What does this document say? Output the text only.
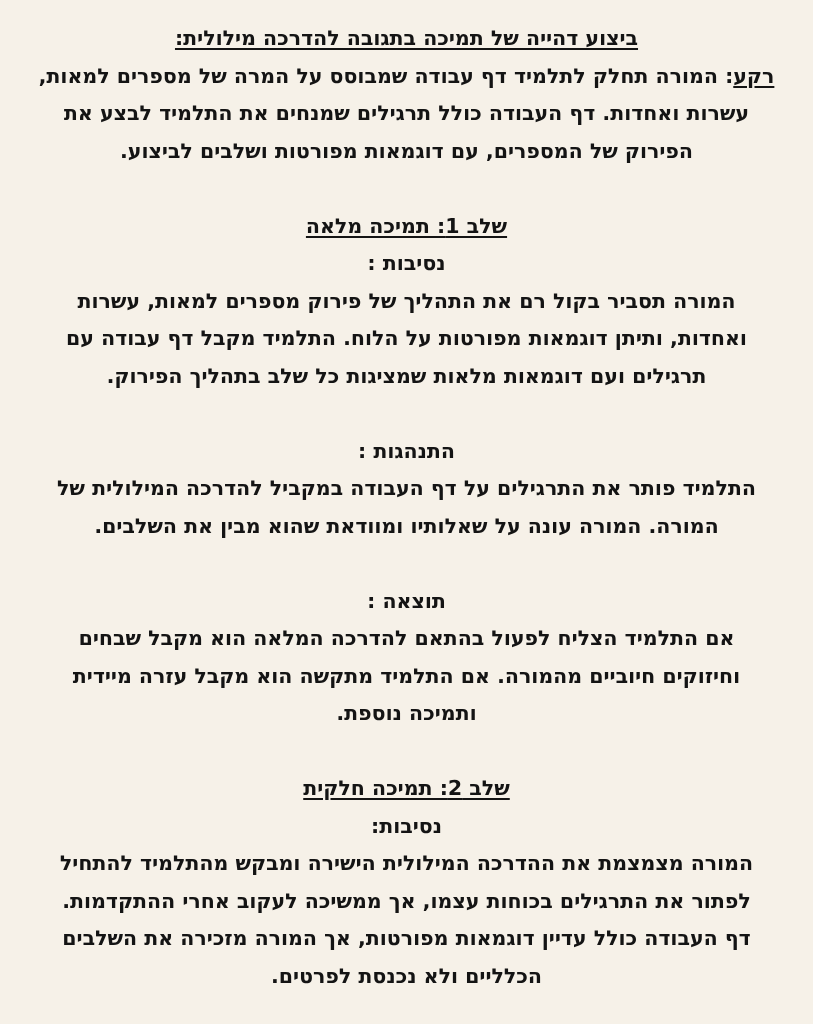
ביצוע דהייה של תמיכה בתגובה להדרכה מילולית:
רקע: המורה תחלק לתלמיד דף עבודה שמבוסס על המרה של מספרים למאות,
עשרות ואחדות. דף העבודה כולל תרגילים שמנחים את התלמיד לבצע את
הפירוק של המספרים, עם דוגמאות מפורטות ושלבים לביצוע.
שלב 1: תמיכה מלאה
נסיבות :
המורה תסביר בקול רם את התהליך של פירוק מספרים למאות, עשרות
ואחדות, ותיתן דוגמאות מפורטות על הלוח. התלמיד מקבל דף עבודה עם
תרגילים ועם דוגמאות מלאות שמציגות כל שלב בתהליך הפירוק.
התנהגות :
התלמיד פותר את התרגילים על דף העבודה במקביל להדרכה המילולית של
המורה. המורה עונה על שאלותיו ומוודאת שהוא מבין את השלבים.
תוצאה :
אם התלמיד הצליח לפעול בהתאם להדרכה המלאה הוא מקבל שבחים
וחיזוקים חיוביים מהמורה. אם התלמיד מתקשה הוא מקבל עזרה מיידית
ותמיכה נוספת.
שלב 2: תמיכה חלקית
נסיבות:
המורה מצמצמת את ההדרכה המילולית הישירה ומבקש מהתלמיד להתחיל
לפתור את התרגילים בכוחות עצמו, אך ממשיכה לעקוב אחרי ההתקדמות.
דף העבודה כולל עדיין דוגמאות מפורטות, אך המורה מזכירה את השלבים
הכלליים ולא נכנסת לפרטים.
